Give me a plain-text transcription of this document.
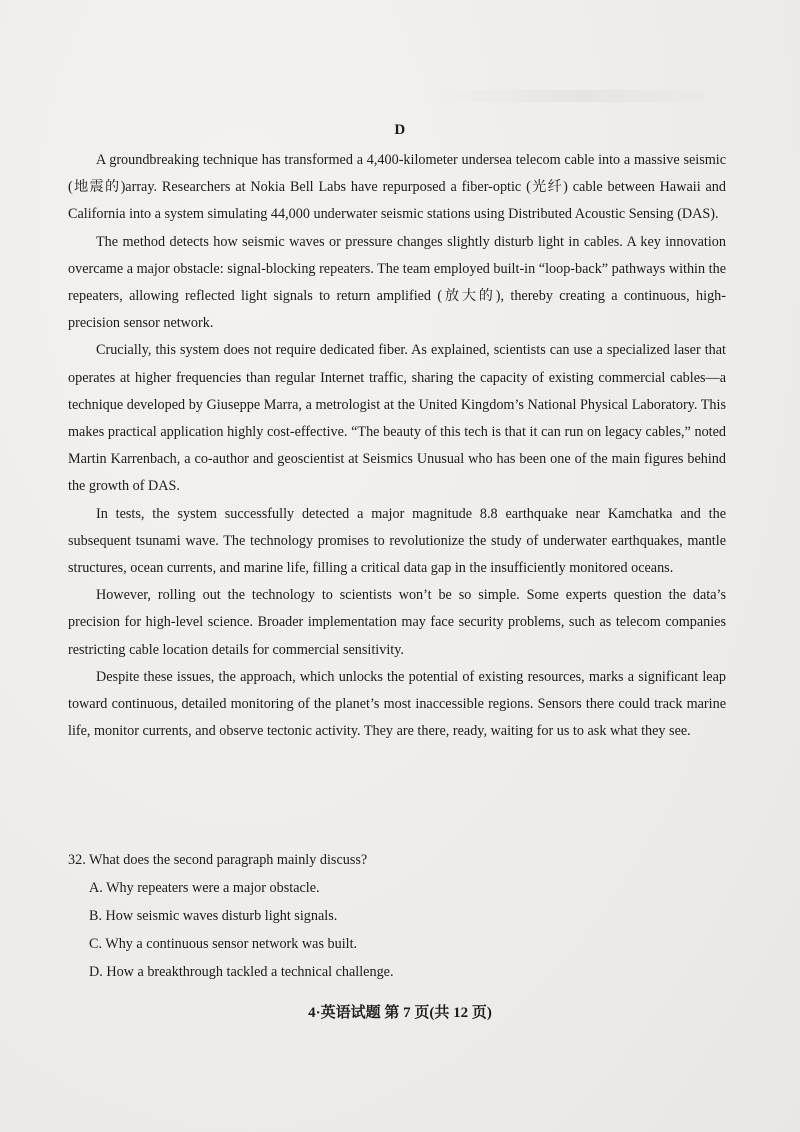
D

A groundbreaking technique has transformed a 4,400-kilometer undersea telecom cable into a massive seismic (地震的)array. Researchers at Nokia Bell Labs have repurposed a fiber-optic (光纤) cable between Hawaii and California into a system simulating 44,000 underwater seismic stations using Distributed Acoustic Sensing (DAS).

The method detects how seismic waves or pressure changes slightly disturb light in cables. A key innovation overcame a major obstacle: signal-blocking repeaters. The team employed built-in “loop-back” pathways within the repeaters, allowing reflected light signals to return amplified (放大的), thereby creating a continuous, high-precision sensor network.

Crucially, this system does not require dedicated fiber. As explained, scientists can use a specialized laser that operates at higher frequencies than regular Internet traffic, sharing the capacity of existing commercial cables—a technique developed by Giuseppe Marra, a metrologist at the United Kingdom’s National Physical Laboratory. This makes practical application highly cost-effective. “The beauty of this tech is that it can run on legacy cables,” noted Martin Karrenbach, a co-author and geoscientist at Seismics Unusual who has been one of the main figures behind the growth of DAS.

In tests, the system successfully detected a major magnitude 8.8 earthquake near Kamchatka and the subsequent tsunami wave. The technology promises to revolutionize the study of underwater earthquakes, mantle structures, ocean currents, and marine life, filling a critical data gap in the insufficiently monitored oceans.

However, rolling out the technology to scientists won’t be so simple. Some experts question the data’s precision for high-level science. Broader implementation may face security problems, such as telecom companies restricting cable location details for commercial sensitivity.

Despite these issues, the approach, which unlocks the potential of existing resources, marks a significant leap toward continuous, detailed monitoring of the planet’s most inaccessible regions. Sensors there could track marine life, monitor currents, and observe tectonic activity. They are there, ready, waiting for us to ask what they see.

32. What does the second paragraph mainly discuss?

A. Why repeaters were a major obstacle.

B. How seismic waves disturb light signals.

C. Why a continuous sensor network was built.

D. How a breakthrough tackled a technical challenge.

4·英语试题 第 7 页(共 12 页)
